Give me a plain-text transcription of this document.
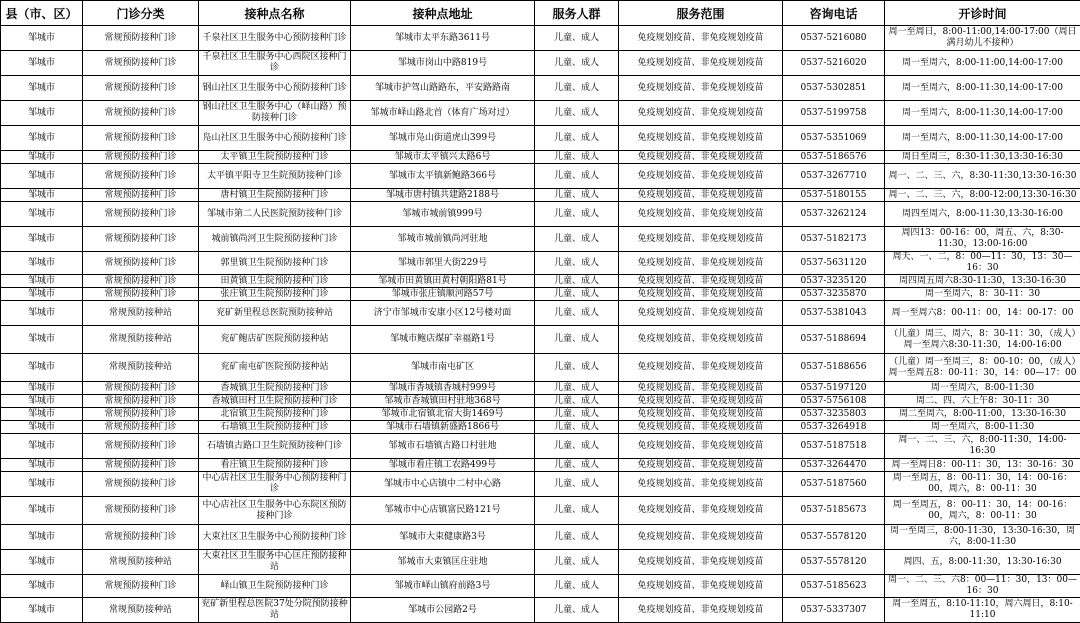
县（市、区）	门诊分类	接种点名称	接种点地址	服务人群	服务范围	咨询电话	开诊时间
邹城市	常规预防接种门诊	千泉社区卫生服务中心预防接种门诊	邹城市太平东路3611号	儿童、成人	免疫规划疫苗、非免疫规划疫苗	0537-5216080	周一至周日，8:00-11:00,14:00-17:00（周日满月幼儿不接种）
邹城市	常规预防接种门诊	千泉社区卫生服务中心西院区接种门诊	邹城市岗山中路819号	儿童、成人	免疫规划疫苗、非免疫规划疫苗	0537-5216020	周一至周六，8:00-11:00,14:00-17:00
邹城市	常规预防接种门诊	钢山社区卫生服务中心预防接种门诊	邹城市护驾山路路东，平安路路南	儿童、成人	免疫规划疫苗、非免疫规划疫苗	0537-5302851	周一至周六，8:00-11:30,14:00-17:00
邹城市	常规预防接种门诊	钢山社区卫生服务中心（峄山路）预防接种门诊	邹城市峄山路北首（体育广场对过）	儿童、成人	免疫规划疫苗、非免疫规划疫苗	0537-5199758	周一至周六，8:00-11:30,14:00-17:00
邹城市	常规预防接种门诊	凫山社区卫生服务中心预防接种门诊	邹城市凫山街道虎山399号	儿童、成人	免疫规划疫苗、非免疫规划疫苗	0537-5351069	周一至周六，8:00-11:30,14:00-17:00
邹城市	常规预防接种门诊	太平镇卫生院预防接种门诊	邹城市太平镇兴太路6号	儿童、成人	免疫规划疫苗、非免疫规划疫苗	0537-5186576	周日至周三，8:30-11:30,13:30-16:30
邹城市	常规预防接种门诊	太平镇平阳寺卫生院预防接种门诊	邹城市太平镇新鲍路366号	儿童、成人	免疫规划疫苗、非免疫规划疫苗	0537-3267710	周一、二、三、六，8:30-11:30,13:30-16:30
邹城市	常规预防接种门诊	唐村镇卫生院预防接种门诊	邹城市唐村镇共建路2188号	儿童、成人	免疫规划疫苗、非免疫规划疫苗	0537-5180155	周一、二、三、六，8:00-12:00,13:30-16:30
邹城市	常规预防接种门诊	邹城市第二人民医院预防接种门诊	邹城市城前镇999号	儿童、成人	免疫规划疫苗、非免疫规划疫苗	0537-3262124	周四至周六，8:00-11:30,13:30-16:00
邹城市	常规预防接种门诊	城前镇尚河卫生院预防接种门诊	邹城市城前镇尚河驻地	儿童、成人	免疫规划疫苗、非免疫规划疫苗	0537-5182173	周四13：00-16：00，周五、六，8:30-11:30，13:00-16:00
邹城市	常规预防接种门诊	郭里镇卫生院预防接种门诊	邹城市郭里大街229号	儿童、成人	免疫规划疫苗、非免疫规划疫苗	0537-5631120	周天、一、二，8：00—11：30，13：30—16：30
邹城市	常规预防接种门诊	田黄镇卫生院预防接种门诊	邹城市田黄镇田黄村朝阳路81号	儿童、成人	免疫规划疫苗、非免疫规划疫苗	0537-3235120	周四周五周六8:30-11:30，13:30-16:30
邹城市	常规预防接种门诊	张庄镇卫生院预防接种门诊	邹城市张庄镇顺河路57号	儿童、成人	免疫规划疫苗、非免疫规划疫苗	0537-3235870	周一至周六，8：30-11：30
邹城市	常规预防接种站	兖矿新里程总医院预防接种站	济宁市邹城市安康小区12号楼对面	儿童、成人	免疫规划疫苗、非免疫规划疫苗	0537-5381043	周一至周六8：00-11：00，14：00-17：00
邹城市	常规预防接种站	兖矿鲍店矿医院预防接种站	邹城市鲍店煤矿幸福路1号	儿童、成人	免疫规划疫苗、非免疫规划疫苗	0537-5188694	（儿童）周三、周六，8：30-11：30，（成人）周一至周六8:30-11:30，14:00-16:00
邹城市	常规预防接种站	兖矿南屯矿医院预防接种站	邹城市南屯矿区	儿童、成人	免疫规划疫苗、非免疫规划疫苗	0537-5188656	（儿童）周一至周三，8：00-10：00，（成人）周一至周五8：00-11：30，14：00—17：00
邹城市	常规预防接种门诊	香城镇卫生院预防接种门诊	邹城市香城镇香城村999号	儿童、成人	免疫规划疫苗、非免疫规划疫苗	0537-5197120	周一至周六，8:00-11:30
邹城市	常规预防接种门诊	香城镇田村卫生院预防接种门诊	邹城市香城镇田村驻地368号	儿童、成人	免疫规划疫苗、非免疫规划疫苗	0537-5756108	周二、四、六上午8：30-11：30
邹城市	常规预防接种门诊	北宿镇卫生院预防接种门诊	邹城市北宿镇北宿大街1469号	儿童、成人	免疫规划疫苗、非免疫规划疫苗	0537-3235803	周二至周六，8:00-11:00，13:30-16:30
邹城市	常规预防接种门诊	石墙镇卫生院预防接种门诊	邹城市石墙镇新盛路1866号	儿童、成人	免疫规划疫苗、非免疫规划疫苗	0537-3264918	周一至周六，8:00-11:30
邹城市	常规预防接种门诊	石墙镇古路口卫生院预防接种门诊	邹城市石墙镇古路口村驻地	儿童、成人	免疫规划疫苗、非免疫规划疫苗	0537-5187518	周一、二、三、六，8:00-11:30，14:00-16:30
邹城市	常规预防接种门诊	看庄镇卫生院预防接种门诊	邹城市看庄镇工农路499号	儿童、成人	免疫规划疫苗、非免疫规划疫苗	0537-3264470	周一至周日8：00-11：30，13：30-16：30
邹城市	常规预防接种门诊	中心店社区卫生服务中心预防接种门诊	邹城市中心店镇中二村中心路	儿童、成人	免疫规划疫苗、非免疫规划疫苗	0537-5187560	周一至周五，8：00-11：30，14：00-16：00，周六，8：00-11：30
邹城市	常规预防接种门诊	中心店社区卫生服务中心东院区预防接种门诊	邹城市中心店镇富民路121号	儿童、成人	免疫规划疫苗、非免疫规划疫苗	0537-5185673	周一至周五，8：00-11：30，14：00-16：00，周六，8：00-11：30
邹城市	常规预防接种门诊	大束社区卫生服务中心预防接种门诊	邹城市大束健康路3号	儿童、成人	免疫规划疫苗、非免疫规划疫苗	0537-5578120	周一至周三，8:00-11:30，13:30-16:30，周六，8:00-11:30
邹城市	常规预防接种站	大束社区卫生服务中心匡庄预防接种站	邹城市大束镇匡庄驻地	儿童、成人	免疫规划疫苗、非免疫规划疫苗	0537-5578120	周四、五，8:00-11:30，13:30-16:30
邹城市	常规预防接种门诊	峄山镇卫生院预防接种门诊	邹城市峄山镇府前路3号	儿童、成人	免疫规划疫苗、非免疫规划疫苗	0537-5185623	周一、二、三、六8：00—11：30，13：00—16：30
邹城市	常规预防接种站	兖矿新里程总医院37处分院预防接种站	邹城市公园路2号	儿童、成人	免疫规划疫苗、非免疫规划疫苗	0537-5337307	周一至周五，8:10-11:10，周六周日，8:10-11:10
